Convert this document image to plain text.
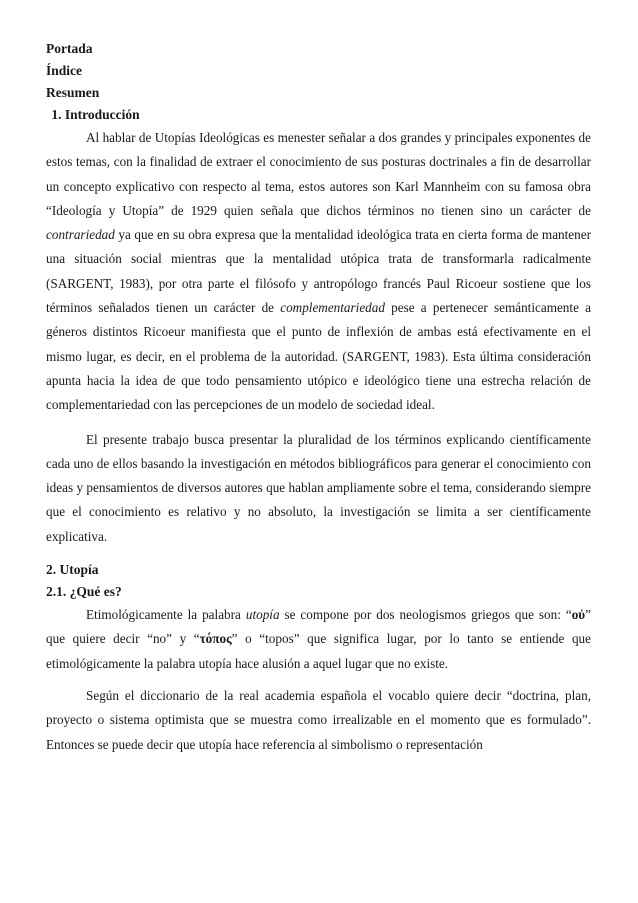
Portada

Índice

Resumen

1. Introducción

Al hablar de Utopías Ideológicas es menester señalar a dos grandes y principales exponentes de estos temas, con la finalidad de extraer el conocimiento de sus posturas doctrinales a fin de desarrollar un concepto explicativo con respecto al tema, estos autores son Karl Mannheim con su famosa obra “Ideología y Utopía” de 1929 quien señala que dichos términos no tienen sino un carácter de contrariedad ya que en su obra expresa que la mentalidad ideológica trata en cierta forma de mantener una situación social mientras que la mentalidad utópica trata de transformarla radicalmente (SARGENT, 1983), por otra parte el filósofo y antropólogo francés Paul Ricoeur sostiene que los términos señalados tienen un carácter de complementariedad pese a pertenecer semánticamente a géneros distintos Ricoeur manifiesta que el punto de inflexión de ambas está efectivamente en el mismo lugar, es decir, en el problema de la autoridad. (SARGENT, 1983). Esta última consideración apunta hacia la idea de que todo pensamiento utópico e ideológico tiene una estrecha relación de complementariedad con las percepciones de un modelo de sociedad ideal.

El presente trabajo busca presentar la pluralidad de los términos explicando científicamente cada uno de ellos basando la investigación en métodos bibliográficos para generar el conocimiento con ideas y pensamientos de diversos autores que hablan ampliamente sobre el tema, considerando siempre que el conocimiento es relativo y no absoluto, la investigación se limita a ser científicamente explicativa.

2. Utopía

2.1. ¿Qué es?

Etimológicamente la palabra utopía se compone por dos neologismos griegos que son: “οὐ” que quiere decir “no” y “τόπος” o “topos” que significa lugar, por lo tanto se entiende que etimológicamente la palabra utopía hace alusión a aquel lugar que no existe.

Según el diccionario de la real academia española el vocablo quiere decir “doctrina, plan, proyecto o sistema optimista que se muestra como irrealizable en el momento que es formulado”. Entonces se puede decir que utopía hace referencia al simbolismo o representación
